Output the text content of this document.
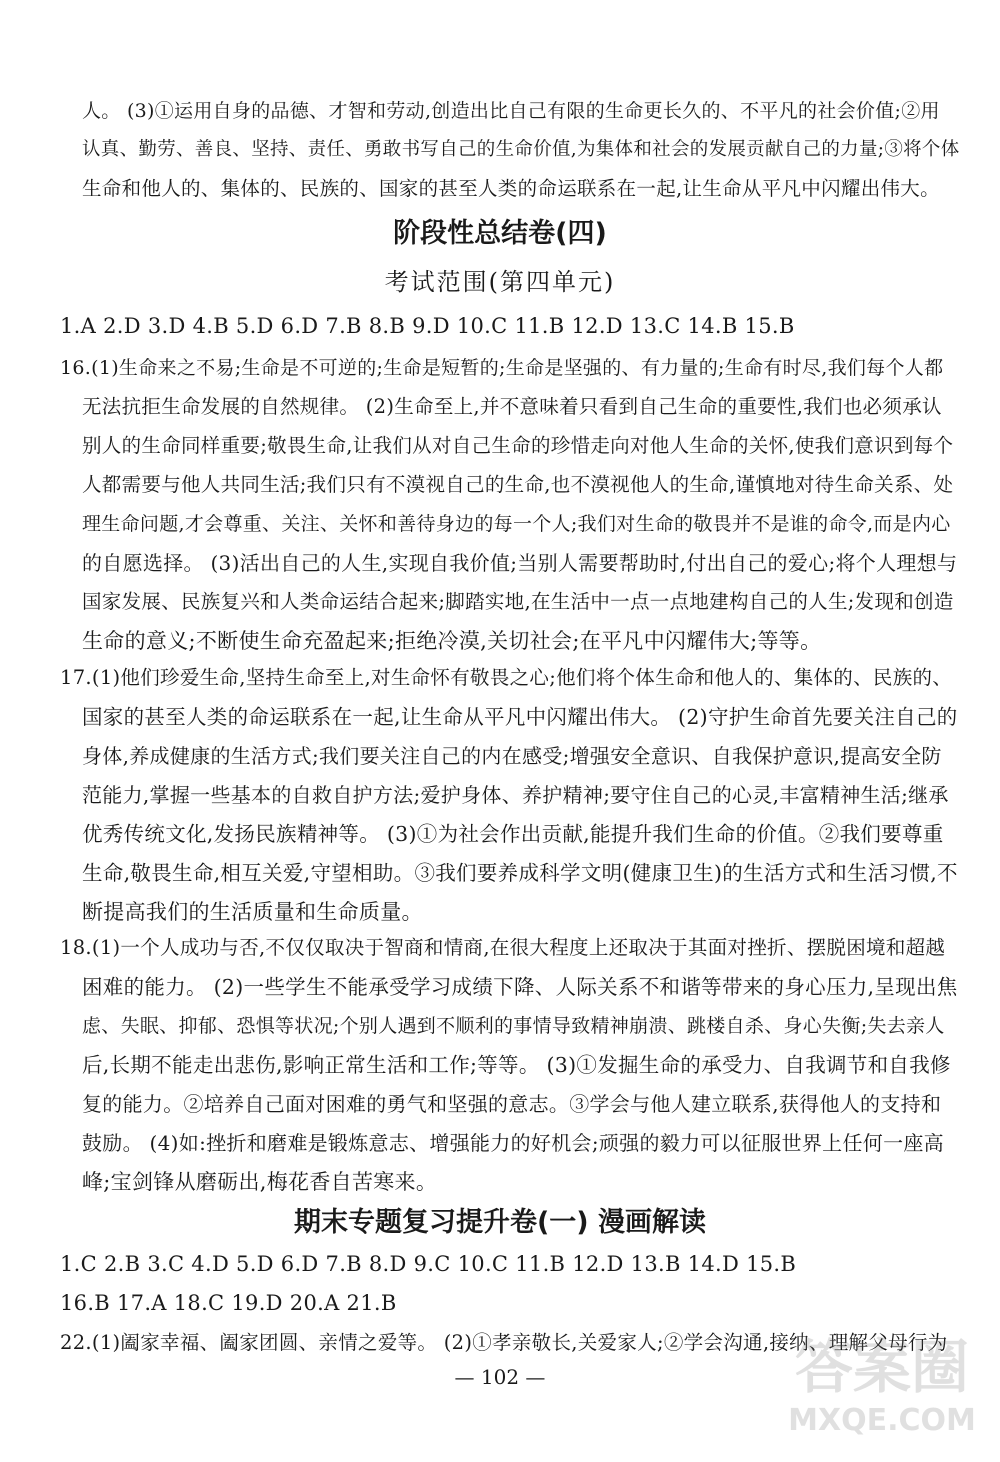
人。 (3)①运用自身的品德、才智和劳动,创造出比自己有限的生命更长久的、不平凡的社会价值;②用
认真、勤劳、善良、坚持、责任、勇敢书写自己的生命价值,为集体和社会的发展贡献自己的力量;③将个体
生命和他人的、集体的、民族的、国家的甚至人类的命运联系在一起,让生命从平凡中闪耀出伟大。
阶段性总结卷(四)
考试范围(第四单元)
1.A 2.D 3.D 4.B 5.D 6.D 7.B 8.B 9.D 10.C 11.B 12.D 13.C 14.B 15.B
16.(1)生命来之不易;生命是不可逆的;生命是短暂的;生命是坚强的、有力量的;生命有时尽,我们每个人都
无法抗拒生命发展的自然规律。 (2)生命至上,并不意味着只看到自己生命的重要性,我们也必须承认
别人的生命同样重要;敬畏生命,让我们从对自己生命的珍惜走向对他人生命的关怀,使我们意识到每个
人都需要与他人共同生活;我们只有不漠视自己的生命,也不漠视他人的生命,谨慎地对待生命关系、处
理生命问题,才会尊重、关注、关怀和善待身边的每一个人;我们对生命的敬畏并不是谁的命令,而是内心
的自愿选择。 (3)活出自己的人生,实现自我价值;当别人需要帮助时,付出自己的爱心;将个人理想与
国家发展、民族复兴和人类命运结合起来;脚踏实地,在生活中一点一点地建构自己的人生;发现和创造
生命的意义;不断使生命充盈起来;拒绝冷漠,关切社会;在平凡中闪耀伟大;等等。
17.(1)他们珍爱生命,坚持生命至上,对生命怀有敬畏之心;他们将个体生命和他人的、集体的、民族的、
国家的甚至人类的命运联系在一起,让生命从平凡中闪耀出伟大。 (2)守护生命首先要关注自己的
身体,养成健康的生活方式;我们要关注自己的内在感受;增强安全意识、自我保护意识,提高安全防
范能力,掌握一些基本的自救自护方法;爱护身体、养护精神;要守住自己的心灵,丰富精神生活;继承
优秀传统文化,发扬民族精神等。 (3)①为社会作出贡献,能提升我们生命的价值。②我们要尊重
生命,敬畏生命,相互关爱,守望相助。③我们要养成科学文明(健康卫生)的生活方式和生活习惯,不
断提高我们的生活质量和生命质量。
18.(1)一个人成功与否,不仅仅取决于智商和情商,在很大程度上还取决于其面对挫折、摆脱困境和超越
困难的能力。 (2)一些学生不能承受学习成绩下降、人际关系不和谐等带来的身心压力,呈现出焦
虑、失眠、抑郁、恐惧等状况;个别人遇到不顺利的事情导致精神崩溃、跳楼自杀、身心失衡;失去亲人
后,长期不能走出悲伤,影响正常生活和工作;等等。 (3)①发掘生命的承受力、自我调节和自我修
复的能力。②培养自己面对困难的勇气和坚强的意志。③学会与他人建立联系,获得他人的支持和
鼓励。 (4)如:挫折和磨难是锻炼意志、增强能力的好机会;顽强的毅力可以征服世界上任何一座高
峰;宝剑锋从磨砺出,梅花香自苦寒来。
期末专题复习提升卷(一) 漫画解读
1.C 2.B 3.C 4.D 5.D 6.D 7.B 8.D 9.C 10.C 11.B 12.D 13.B 14.D 15.B
16.B 17.A 18.C 19.D 20.A 21.B
22.(1)阖家幸福、阖家团圆、亲情之爱等。 (2)①孝亲敬长,关爱家人;②学会沟通,接纳、理解父母行为
— 102 —	答案圈
MXQE.COM
